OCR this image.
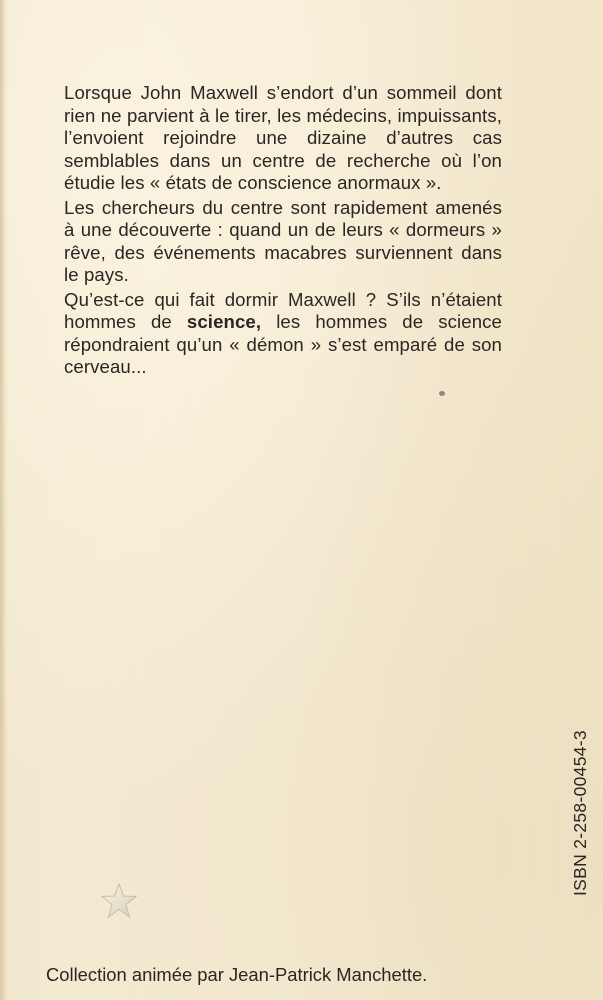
Lorsque John Maxwell s’endort d’un sommeil dont rien ne parvient à le tirer, les médecins, impuissants, l’envoient rejoindre une dizaine d’autres cas semblables dans un centre de recherche où l’on étudie les « états de conscience anormaux ».

Les chercheurs du centre sont rapidement amenés à une découverte : quand un de leurs « dormeurs » rêve, des événements macabres surviennent dans le pays.

Qu’est-ce qui fait dormir Maxwell ? S’ils n’étaient hommes de science, les hommes de science répondraient qu’un « démon » s’est emparé de son cerveau...

ISBN 2-258-00454-3
Collection animée par Jean-Patrick Manchette.
